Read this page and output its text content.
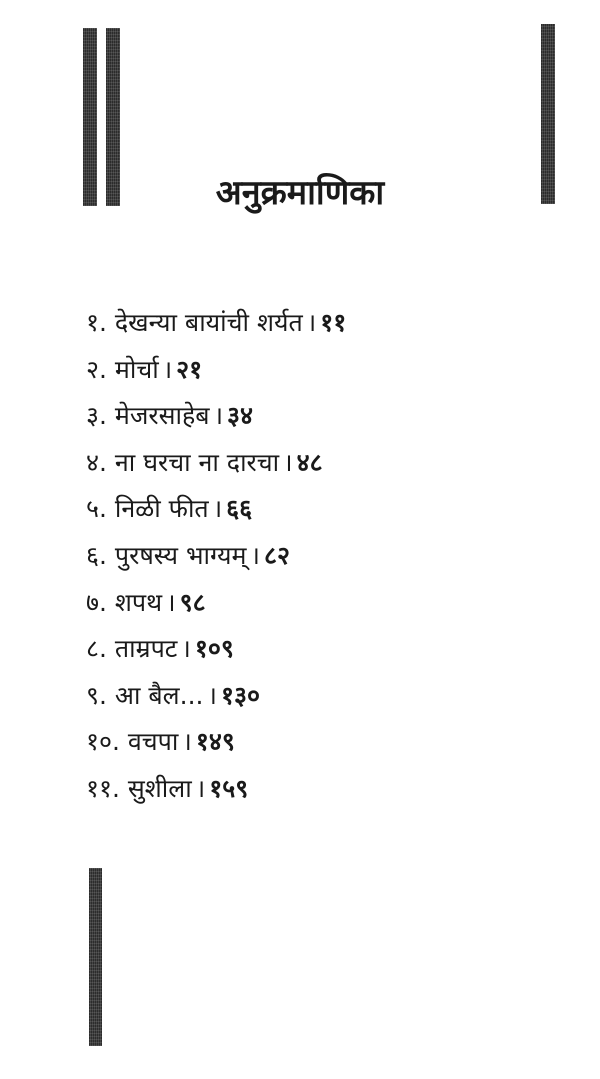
अनुक्रमाणिका
१. देखन्या बायांची शर्यत । ११
२. मोर्चा । २१
३. मेजरसाहेब । ३४
४. ना घरचा ना दारचा । ४८
५. निळी फीत । ६६
६. पुरषस्य भाग्यम् । ८२
७. शपथ । ९८
८. ताम्रपट । १०९
९. आ बैल... । १३०
१०. वचपा । १४९
११. सुशीला । १५९
